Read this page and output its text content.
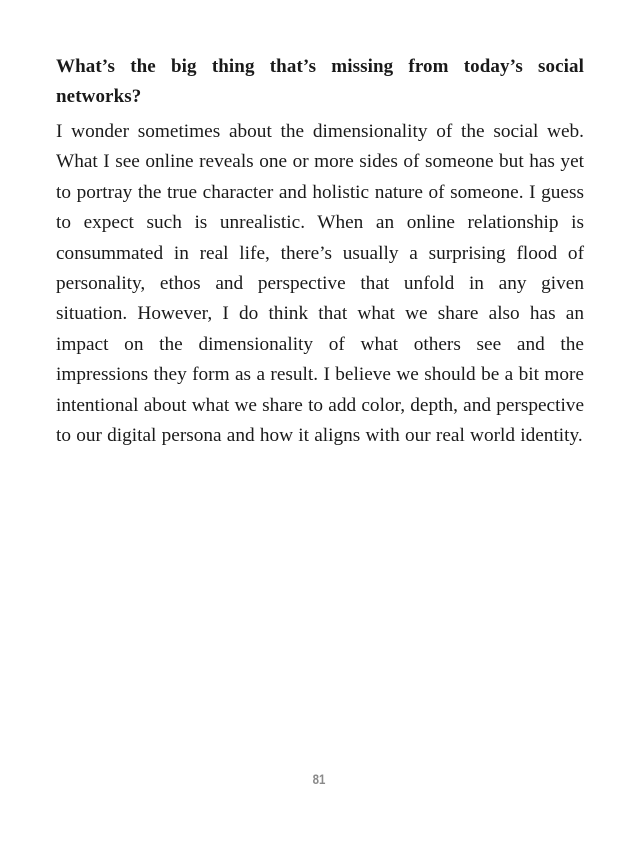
What’s the big thing that’s missing from today’s social networks?

I wonder sometimes about the dimensionality of the social web. What I see online reveals one or more sides of someone but has yet to portray the true character and holistic nature of someone. I guess to expect such is unrealistic. When an online relationship is consummated in real life, there’s usually a surprising flood of personality, ethos and perspective that unfold in any given situation. However, I do think that what we share also has an impact on the dimensionality of what others see and the impressions they form as a result. I believe we should be a bit more intentional about what we share to add color, depth, and perspective to our digital persona and how it aligns with our real world identity.

81
